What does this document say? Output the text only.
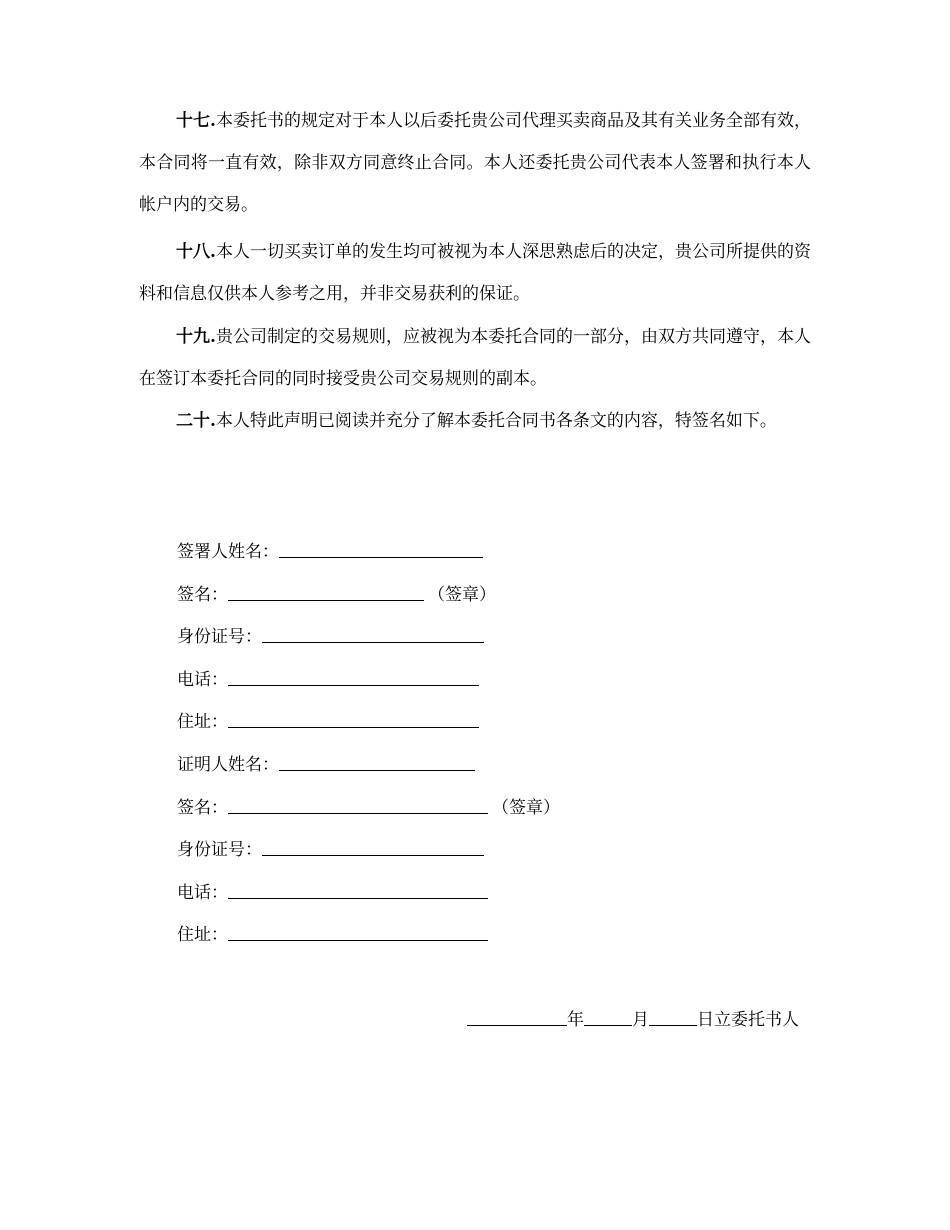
十七.本委托书的规定对于本人以后委托贵公司代理买卖商品及其有关业务全部有效，本合同将一直有效，除非双方同意终止合同。本人还委托贵公司代表本人签署和执行本人帐户内的交易。

十八.本人一切买卖订单的发生均可被视为本人深思熟虑后的决定，贵公司所提供的资料和信息仅供本人参考之用，并非交易获利的保证。

十九.贵公司制定的交易规则，应被视为本委托合同的一部分，由双方共同遵守，本人在签订本委托合同的同时接受贵公司交易规则的副本。

二十.本人特此声明已阅读并充分了解本委托合同书各条文的内容，特签名如下。

签署人姓名：
签名：	（签章）
身份证号：
电话：
住址：
证明人姓名：
签名：	（签章）
身份证号：
电话：
住址：
年	月	日立委托书人
